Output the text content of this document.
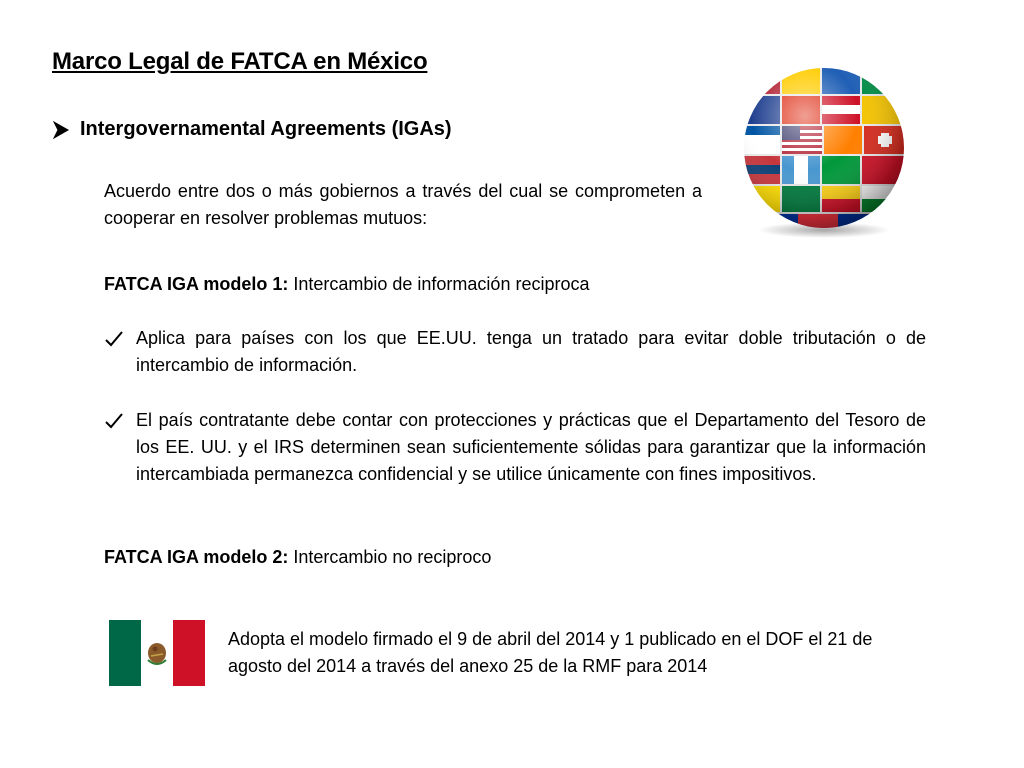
Marco Legal de FATCA en México
Intergovernamental Agreements (IGAs)
Acuerdo entre dos o más gobiernos a través del cual se comprometen a cooperar en resolver problemas mutuos:
FATCA IGA modelo 1: Intercambio de información reciproca
Aplica para países con los que EE.UU. tenga un tratado para evitar doble tributación o de intercambio de información.
El país contratante debe contar con protecciones y prácticas que el Departamento del Tesoro de los EE. UU. y el IRS determinen sean suficientemente sólidas para garantizar que la información intercambiada permanezca confidencial y se utilice únicamente con fines impositivos.
FATCA IGA modelo 2: Intercambio no reciproco
Adopta el modelo firmado el 9 de abril del 2014 y 1 publicado en el DOF el 21 de agosto del 2014 a través del anexo 25 de la RMF para 2014
